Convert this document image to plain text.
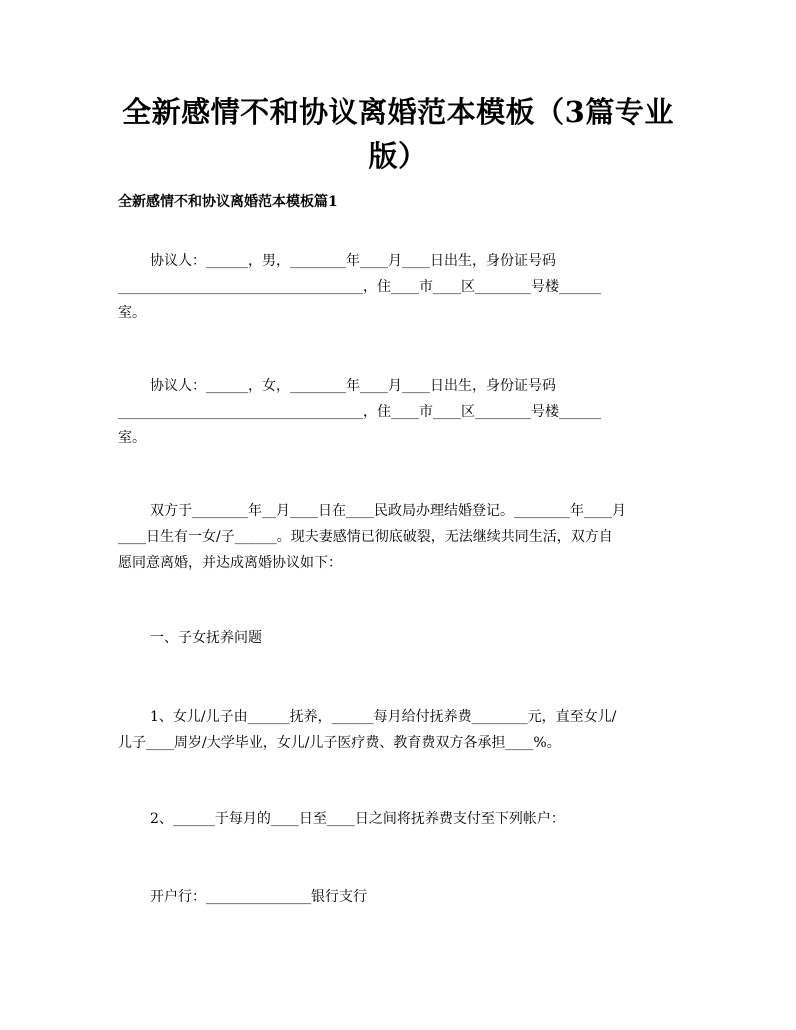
全新感情不和协议离婚范本模板（3篇专业
版）
全新感情不和协议离婚范本模板篇1
协议人：______，男，________年____月____日出生，身份证号码
___________________________________，住____市____区________号楼______
室。
协议人：______，女，________年____月____日出生，身份证号码
___________________________________，住____市____区________号楼______
室。
双方于________年__月____日在____民政局办理结婚登记。________年____月
____日生有一女/子______。现夫妻感情已彻底破裂，无法继续共同生活，双方自
愿同意离婚，并达成离婚协议如下：
一、子女抚养问题
1、女儿/儿子由______抚养，______每月给付抚养费________元，直至女儿/
儿子____周岁/大学毕业，女儿/儿子医疗费、教育费双方各承担____%。
2、______于每月的____日至____日之间将抚养费支付至下列帐户：
开户行：_______________银行支行
